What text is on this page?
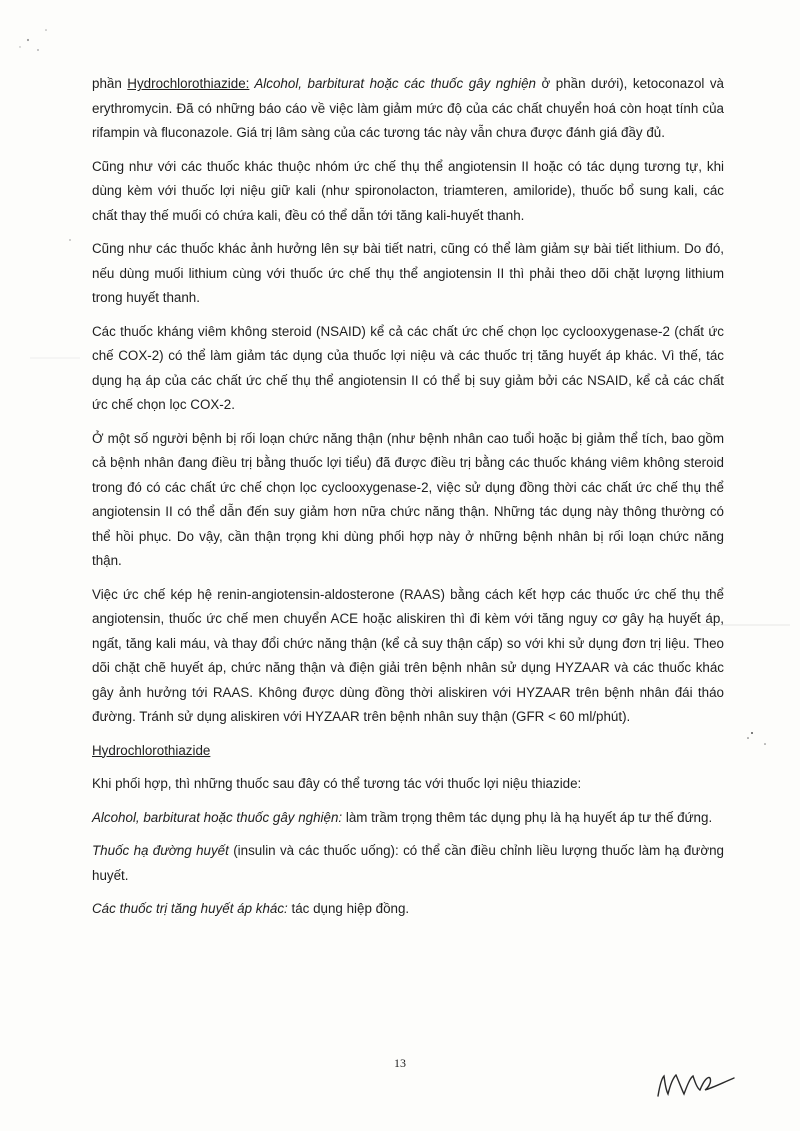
phần Hydrochlorothiazide: Alcohol, barbiturat hoặc các thuốc gây nghiện ở phần dưới), ketoconazol và erythromycin. Đã có những báo cáo về việc làm giảm mức độ của các chất chuyển hoá còn hoạt tính của rifampin và fluconazole. Giá trị lâm sàng của các tương tác này vẫn chưa được đánh giá đầy đủ.

Cũng như với các thuốc khác thuộc nhóm ức chế thụ thể angiotensin II hoặc có tác dụng tương tự, khi dùng kèm với thuốc lợi niệu giữ kali (như spironolacton, triamteren, amiloride), thuốc bổ sung kali, các chất thay thế muối có chứa kali, đều có thể dẫn tới tăng kali-huyết thanh.

Cũng như các thuốc khác ảnh hưởng lên sự bài tiết natri, cũng có thể làm giảm sự bài tiết lithium. Do đó, nếu dùng muối lithium cùng với thuốc ức chế thụ thể angiotensin II thì phải theo dõi chặt lượng lithium trong huyết thanh.

Các thuốc kháng viêm không steroid (NSAID) kể cả các chất ức chế chọn lọc cyclooxygenase-2 (chất ức chế COX-2) có thể làm giảm tác dụng của thuốc lợi niệu và các thuốc trị tăng huyết áp khác. Vì thế, tác dụng hạ áp của các chất ức chế thụ thể angiotensin II có thể bị suy giảm bởi các NSAID, kể cả các chất ức chế chọn lọc COX-2.

Ở một số người bệnh bị rối loạn chức năng thận (như bệnh nhân cao tuổi hoặc bị giảm thể tích, bao gồm cả bệnh nhân đang điều trị bằng thuốc lợi tiểu) đã được điều trị bằng các thuốc kháng viêm không steroid trong đó có các chất ức chế chọn lọc cyclooxygenase-2, việc sử dụng đồng thời các chất ức chế thụ thể angiotensin II có thể dẫn đến suy giảm hơn nữa chức năng thận. Những tác dụng này thông thường có thể hồi phục. Do vậy, cần thận trọng khi dùng phối hợp này ở những bệnh nhân bị rối loạn chức năng thận.

Việc ức chế kép hệ renin-angiotensin-aldosterone (RAAS) bằng cách kết hợp các thuốc ức chế thụ thể angiotensin, thuốc ức chế men chuyển ACE hoặc aliskiren thì đi kèm với tăng nguy cơ gây hạ huyết áp, ngất, tăng kali máu, và thay đổi chức năng thận (kể cả suy thận cấp) so với khi sử dụng đơn trị liệu. Theo dõi chặt chẽ huyết áp, chức năng thận và điện giải trên bệnh nhân sử dụng HYZAAR và các thuốc khác gây ảnh hưởng tới RAAS. Không được dùng đồng thời aliskiren với HYZAAR trên bệnh nhân đái tháo đường. Tránh sử dụng aliskiren với HYZAAR trên bệnh nhân suy thận (GFR < 60 ml/phút).

Hydrochlorothiazide

Khi phối hợp, thì những thuốc sau đây có thể tương tác với thuốc lợi niệu thiazide:

Alcohol, barbiturat hoặc thuốc gây nghiện: làm trầm trọng thêm tác dụng phụ là hạ huyết áp tư thế đứng.

Thuốc hạ đường huyết (insulin và các thuốc uống): có thể cần điều chỉnh liều lượng thuốc làm hạ đường huyết.

Các thuốc trị tăng huyết áp khác: tác dụng hiệp đồng.

13
